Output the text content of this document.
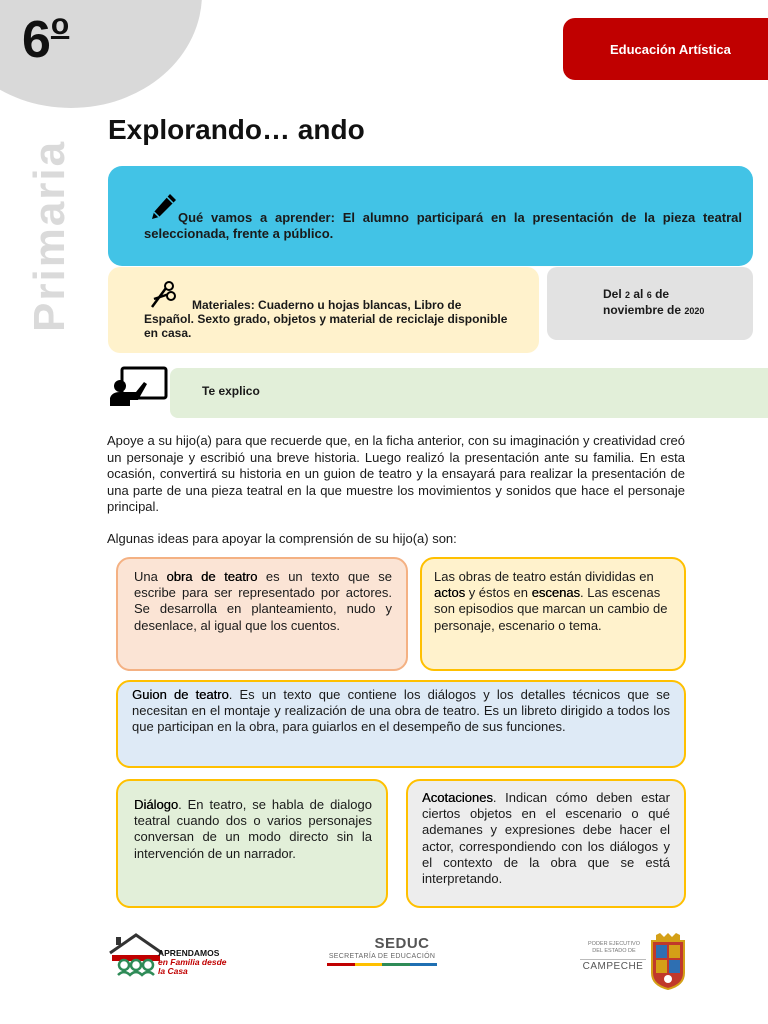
6$^o$
Educación Artística
Primaria
Explorando… ando

Qué vamos a aprender: El alumno participará en la presentación de la pieza teatral seleccionada, frente a público.

Materiales: Cuaderno u hojas blancas, Libro de Español. Sexto grado, objetos y material de reciclaje disponible en casa.

Del 2 al 6 de
noviembre de 2020

Te explico

Apoye a su hijo(a) para que recuerde que, en la ficha anterior, con su imaginación y creatividad creó un personaje y escribió una breve historia. Luego realizó la presentación ante su familia. En esta ocasión, convertirá su historia en un guion de teatro y la ensayará para realizar la presentación de una parte de una pieza teatral en la que muestre los movimientos y sonidos que hace el personaje principal.

Algunas ideas para apoyar la comprensión de su hijo(a) son:

Una obra de teatro es un texto que se escribe para ser representado por actores. Se desarrolla en planteamiento, nudo y desenlace, al igual que los cuentos.
Las obras de teatro están divididas en actos y éstos en escenas. Las escenas son episodios que marcan un cambio de personaje, escenario o tema.
Guion de teatro. Es un texto que contiene los diálogos y los detalles técnicos que se necesitan en el montaje y realización de una obra de teatro. Es un libreto dirigido a todos los que participan en la obra, para guiarlos en el desempeño de sus funciones.
Diálogo. En teatro, se habla de dialogo teatral cuando dos o varios personajes conversan de un modo directo sin la intervención de un narrador.
Acotaciones. Indican cómo deben estar ciertos objetos en el escenario o qué ademanes y expresiones debe hacer el actor, correspondiendo con los diálogos y el contexto de la obra que se está interpretando.
APRENDAMOS
en Familia desde
la Casa
SEDUC
SECRETARÍA DE EDUCACIÓN
PODER EJECUTIVO DEL ESTADO DE
CAMPECHE
